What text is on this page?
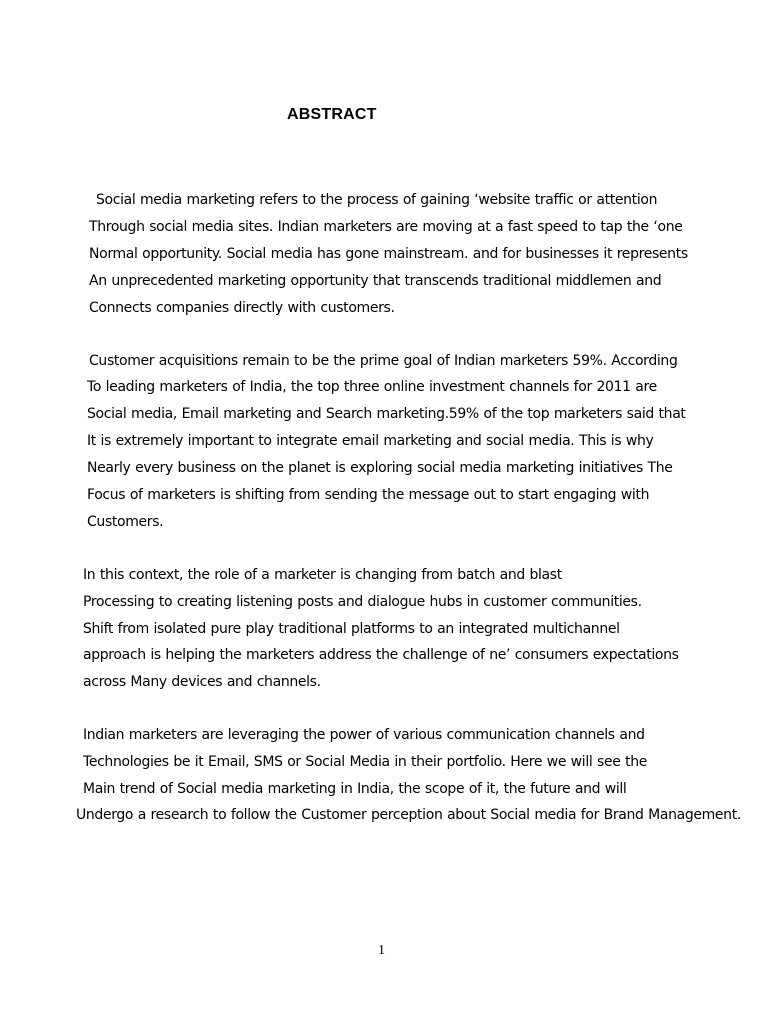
ABSTRACT
Social media marketing refers to the process of gaining ‘website traffic or attention
Through social media sites. Indian marketers are moving at a fast speed to tap the ‘one
Normal opportunity. Social media has gone mainstream. and for businesses it represents
An unprecedented marketing opportunity that transcends traditional middlemen and
Connects companies directly with customers.
Customer acquisitions remain to be the prime goal of Indian marketers 59%. According
To leading marketers of India, the top three online investment channels for 2011 are
Social media, Email marketing and Search marketing.59% of the top marketers said that
It is extremely important to integrate email marketing and social media. This is why
Nearly every business on the planet is exploring social media marketing initiatives The
Focus of marketers is shifting from sending the message out to start engaging with
Customers.
In this context, the role of a marketer is changing from batch and blast
Processing to creating listening posts and dialogue hubs in customer communities.
Shift from isolated pure play traditional platforms to an integrated multichannel
approach is helping the marketers address the challenge of ne’ consumers expectations
across Many devices and channels.
Indian marketers are leveraging the power of various communication channels and
Technologies be it Email, SMS or Social Media in their portfolio. Here we will see the
Main trend of Social media marketing in India, the scope of it, the future and will
Undergo a research to follow the Customer perception about Social media for Brand Management.
1
